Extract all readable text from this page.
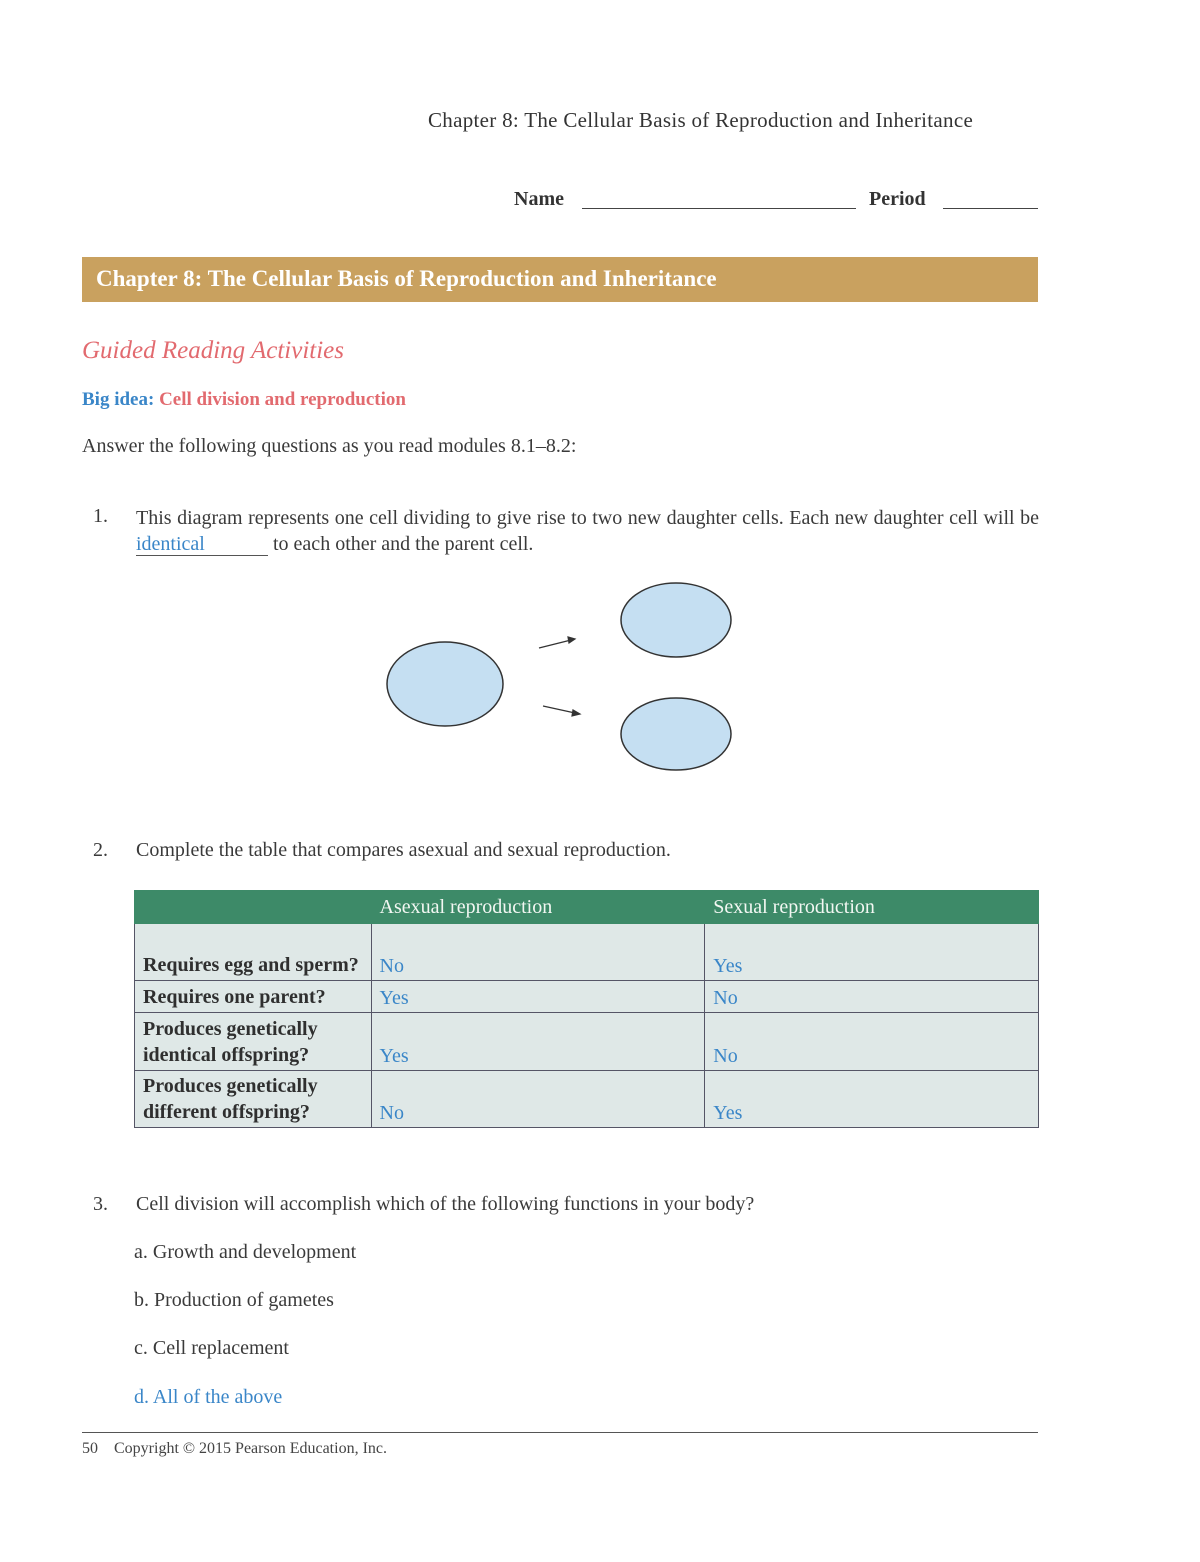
Chapter 8: The Cellular Basis of Reproduction and Inheritance
Name	Period
Chapter 8: The Cellular Basis of Reproduction and Inheritance
Guided Reading Activities
Big idea: Cell division and reproduction
Answer the following questions as you read modules 8.1–8.2:
1. This diagram represents one cell dividing to give rise to two new daughter cells. Each new daughter cell will be identical	to each other and the parent cell.
2. Complete the table that compares asexual and sexual reproduction.
	Asexual reproduction	Sexual reproduction
Requires egg and sperm?	No	Yes
Requires one parent?	Yes	No
Produces genetically identical offspring?	Yes	No
Produces genetically different offspring?	No	Yes
3. Cell division will accomplish which of the following functions in your body?
a. Growth and development
b. Production of gametes
c. Cell replacement
d. All of the above
50 Copyright © 2015 Pearson Education, Inc.
